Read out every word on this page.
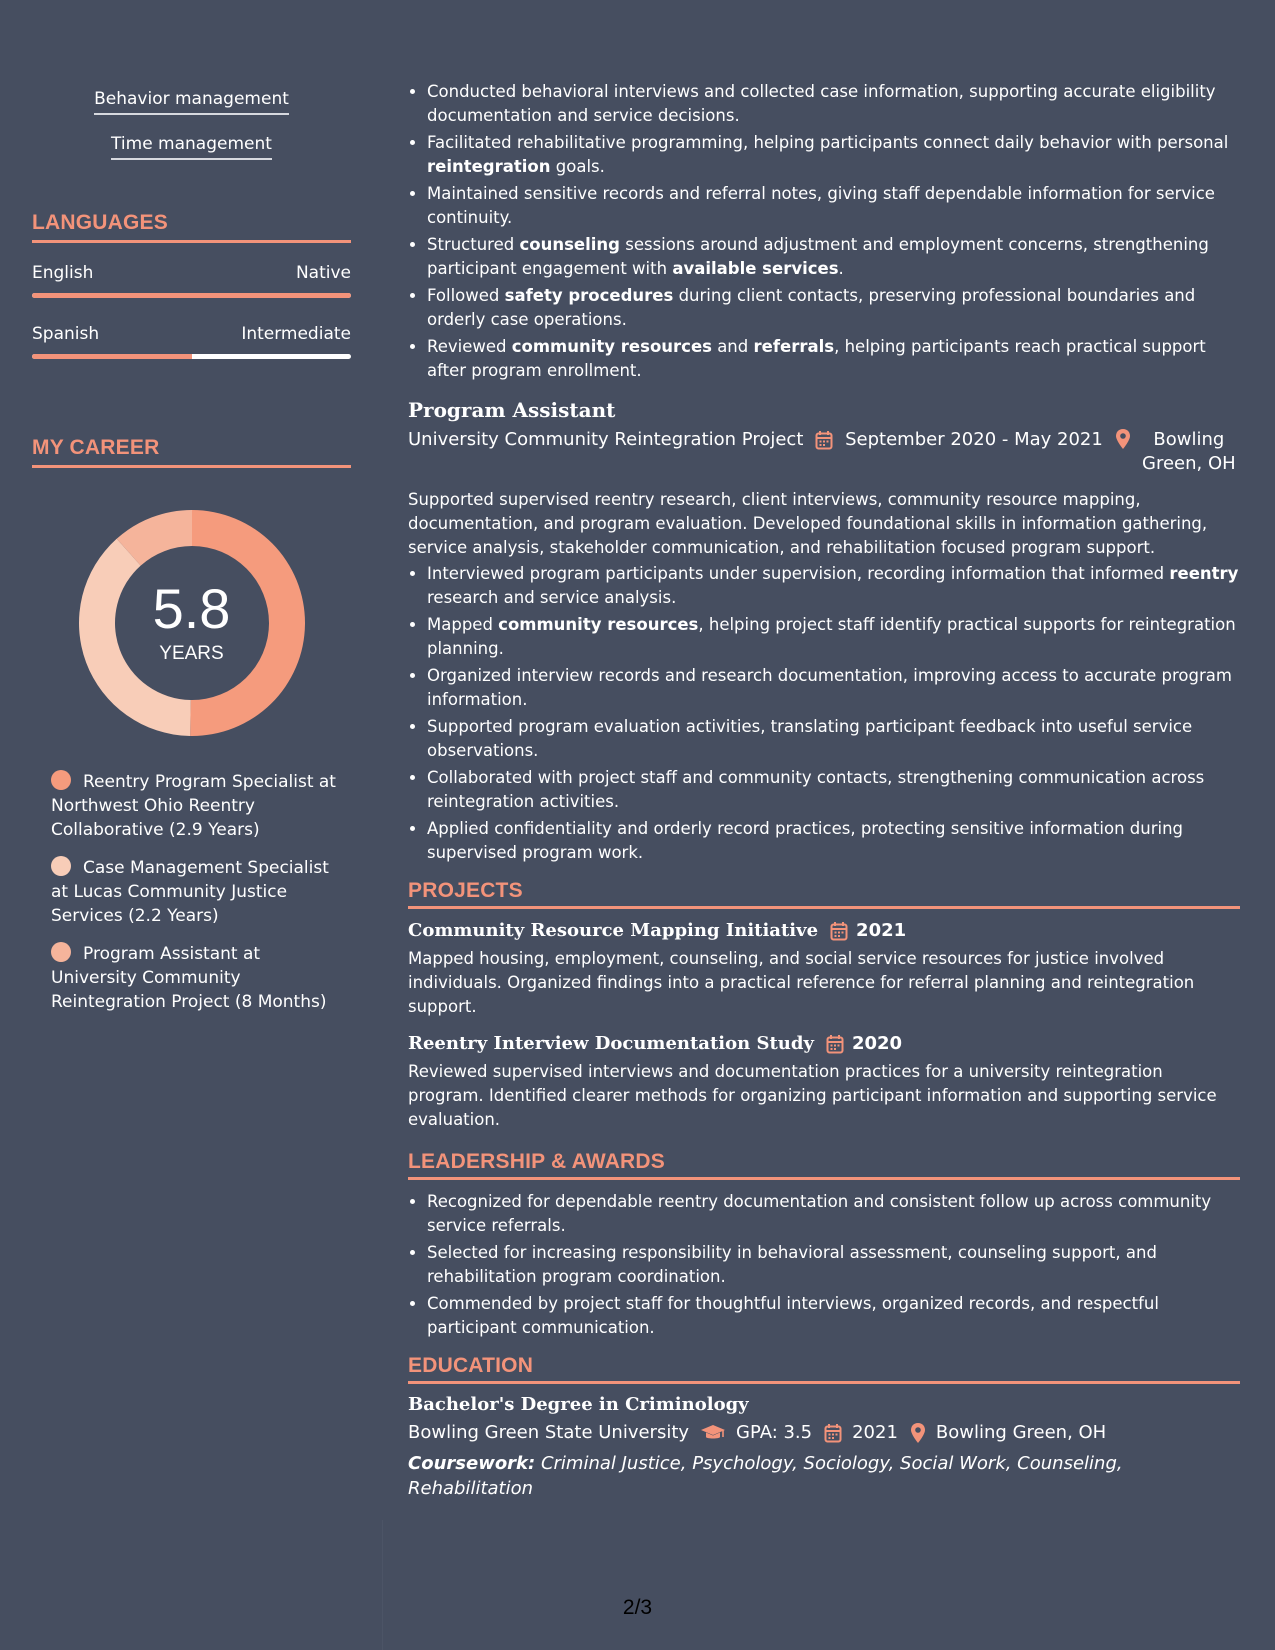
Behavior management
Time management
LANGUAGES
English	Native
Spanish	Intermediate
MY CAREER
5.8
YEARS
Reentry Program Specialist at Northwest Ohio Reentry Collaborative (2.9 Years)
Case Management Specialist at Lucas Community Justice Services (2.2 Years)
Program Assistant at University Community Reintegration Project (8 Months)
• Conducted behavioral interviews and collected case information, supporting accurate eligibility documentation and service decisions.
• Facilitated rehabilitative programming, helping participants connect daily behavior with personal reintegration goals.
• Maintained sensitive records and referral notes, giving staff dependable information for service continuity.
• Structured counseling sessions around adjustment and employment concerns, strengthening participant engagement with available services.
• Followed safety procedures during client contacts, preserving professional boundaries and orderly case operations.
• Reviewed community resources and referrals, helping participants reach practical support after program enrollment.
Program Assistant
University Community Reintegration Project	September 2020 - May 2021	Bowling Green, OH
Supported supervised reentry research, client interviews, community resource mapping, documentation, and program evaluation. Developed foundational skills in information gathering, service analysis, stakeholder communication, and rehabilitation focused program support.
• Interviewed program participants under supervision, recording information that informed reentry research and service analysis.
• Mapped community resources, helping project staff identify practical supports for reintegration planning.
• Organized interview records and research documentation, improving access to accurate program information.
• Supported program evaluation activities, translating participant feedback into useful service observations.
• Collaborated with project staff and community contacts, strengthening communication across reintegration activities.
• Applied confidentiality and orderly record practices, protecting sensitive information during supervised program work.
PROJECTS
Community Resource Mapping Initiative 2021
Mapped housing, employment, counseling, and social service resources for justice involved individuals. Organized findings into a practical reference for referral planning and reintegration support.
Reentry Interview Documentation Study 2020
Reviewed supervised interviews and documentation practices for a university reintegration program. Identified clearer methods for organizing participant information and supporting service evaluation.
LEADERSHIP & AWARDS
• Recognized for dependable reentry documentation and consistent follow up across community service referrals.
• Selected for increasing responsibility in behavioral assessment, counseling support, and rehabilitation program coordination.
• Commended by project staff for thoughtful interviews, organized records, and respectful participant communication.
EDUCATION
Bachelor's Degree in Criminology
Bowling Green State University	GPA: 3.5 2021 Bowling Green, OH
Coursework: Criminal Justice, Psychology, Sociology, Social Work, Counseling, Rehabilitation
2/3
